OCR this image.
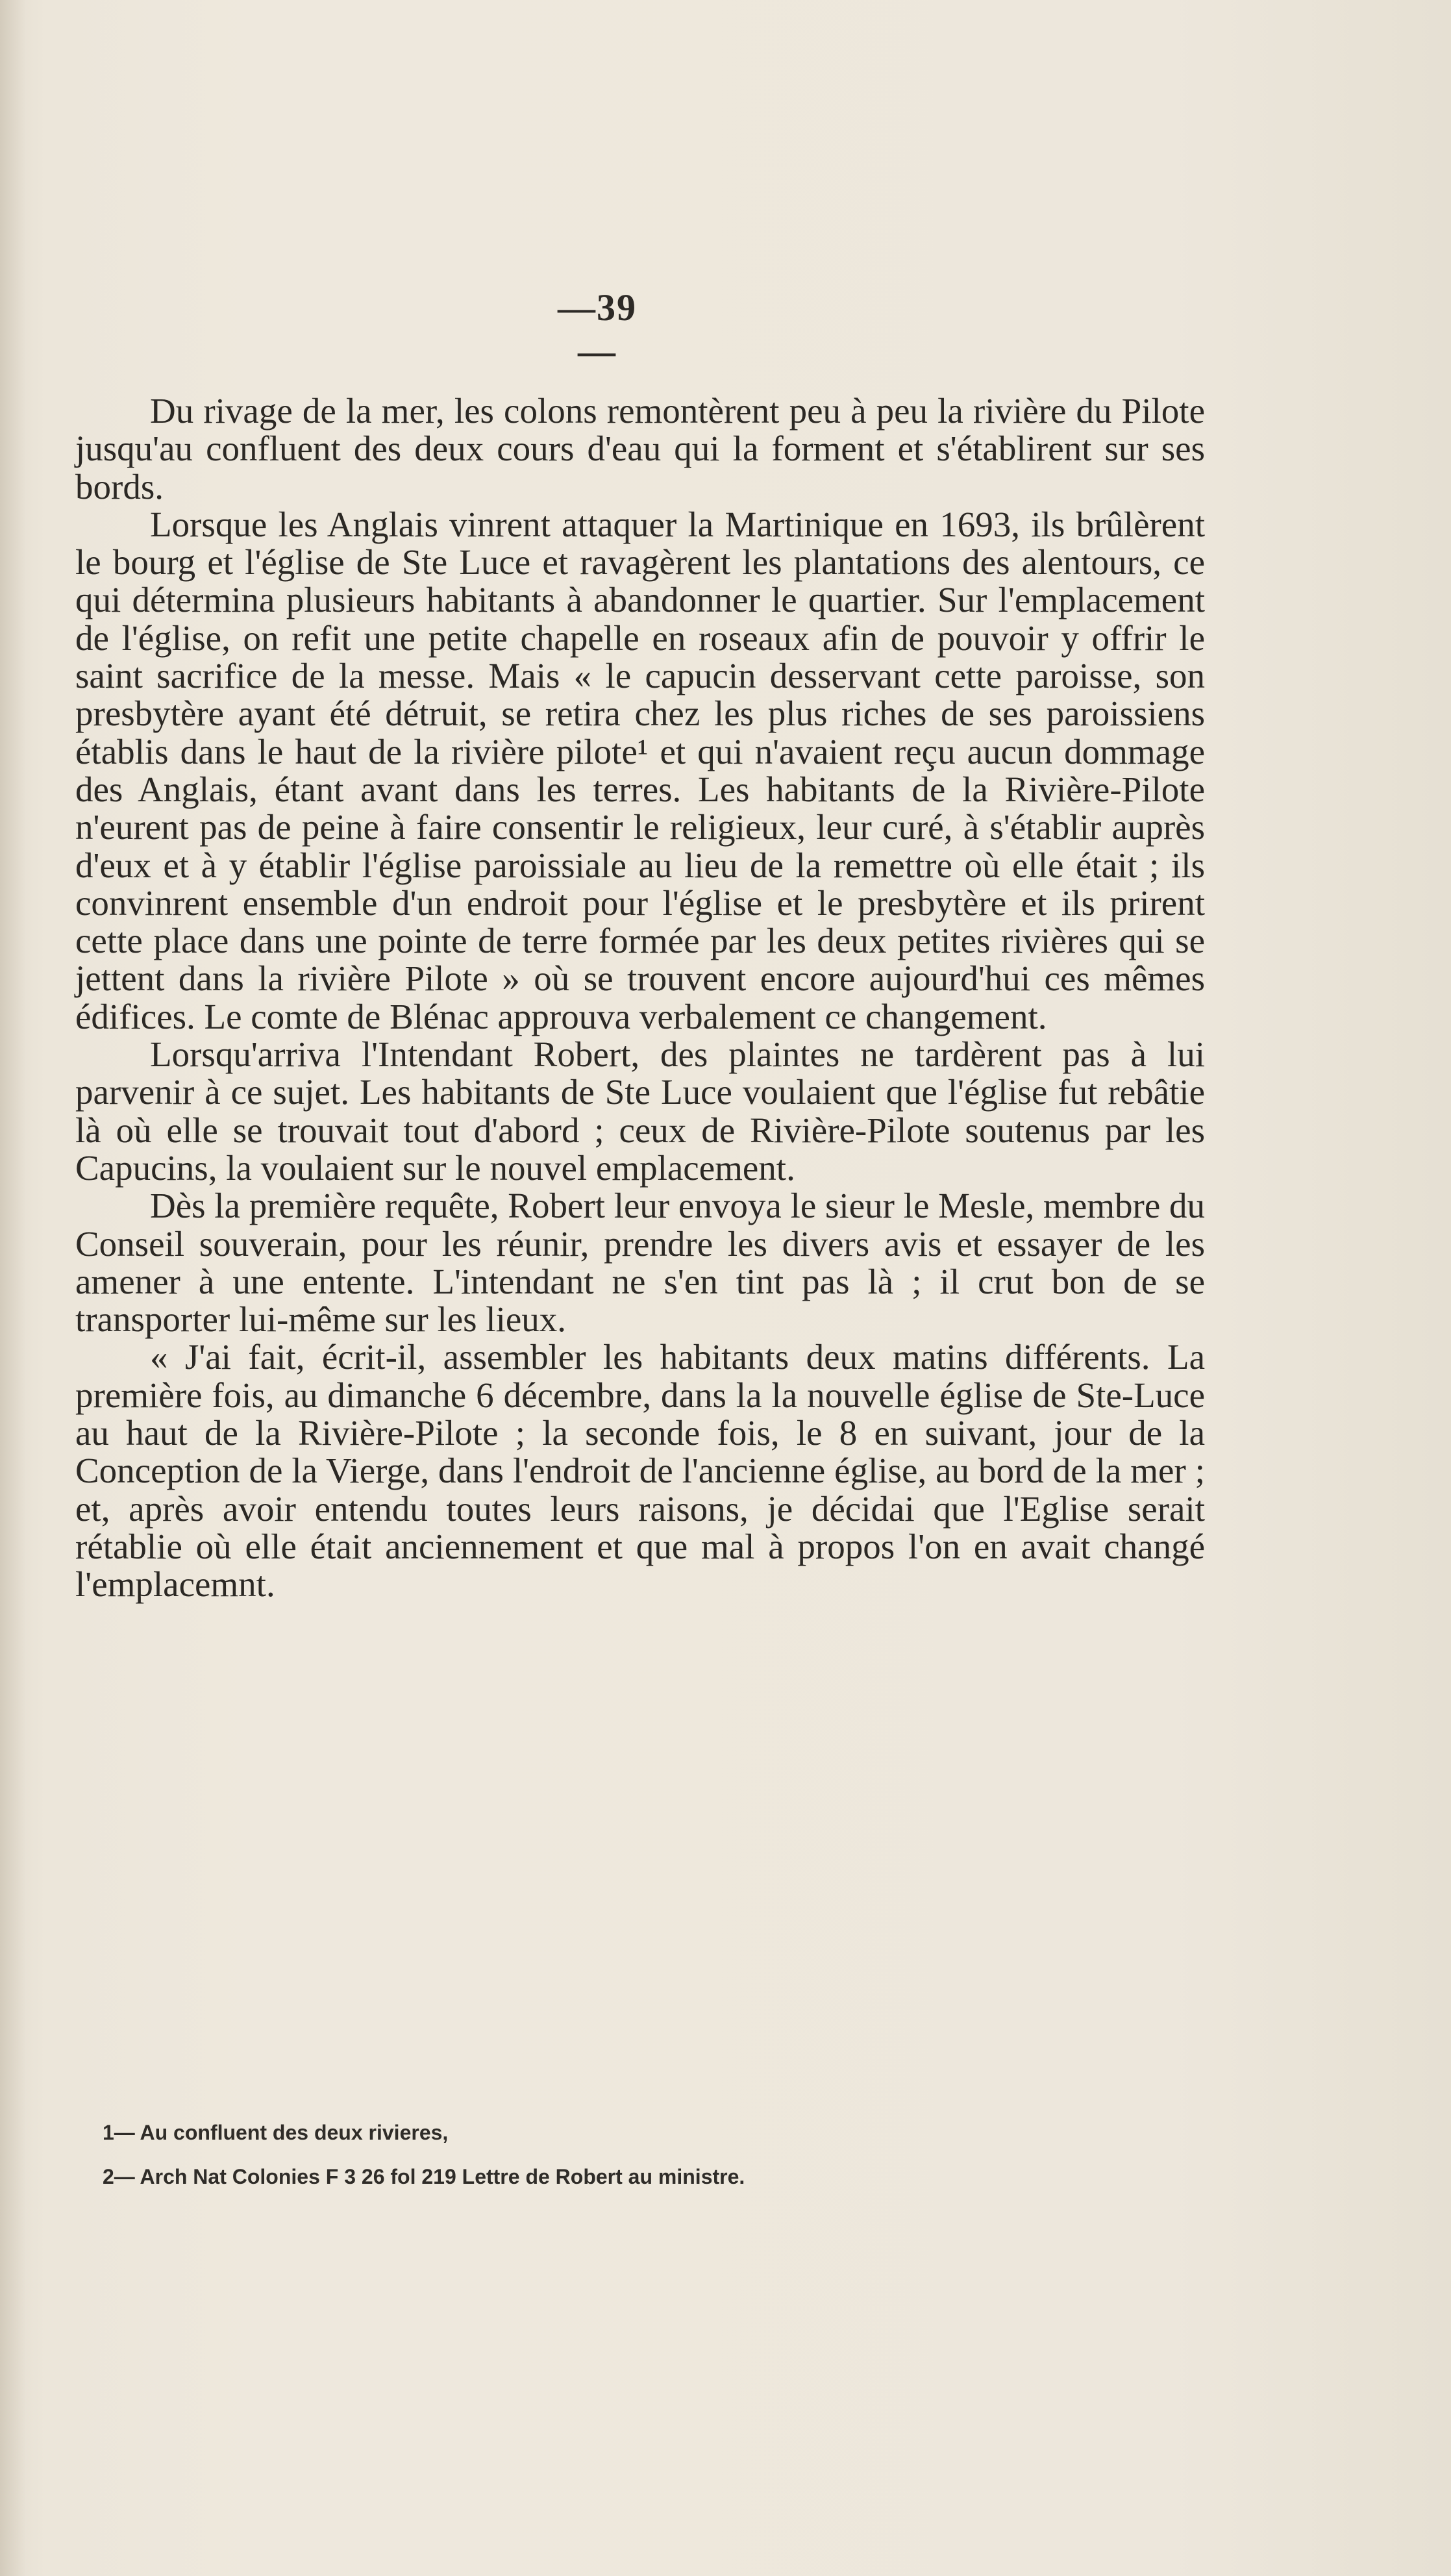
—39—

Du rivage de la mer, les colons remontèrent peu à peu la rivière du Pilote jusqu'au confluent des deux cours d'eau qui la forment et s'établirent sur ses bords.

Lorsque les Anglais vinrent attaquer la Martinique en 1693, ils brûlèrent le bourg et l'église de Ste Luce et ravagèrent les plantations des alentours, ce qui détermina plusieurs habitants à abandonner le quartier. Sur l'emplacement de l'église, on refit une petite chapelle en roseaux afin de pouvoir y offrir le saint sacrifice de la messe. Mais « le capucin desservant cette paroisse, son presbytère ayant été détruit, se retira chez les plus riches de ses paroissiens établis dans le haut de la rivière pilote¹ et qui n'avaient reçu aucun dommage des Anglais, étant avant dans les terres. Les habitants de la Rivière-Pilote n'eurent pas de peine à faire consentir le religieux, leur curé, à s'établir auprès d'eux et à y établir l'église paroissiale au lieu de la remettre où elle était ; ils convinrent ensemble d'un endroit pour l'église et le presbytère et ils prirent cette place dans une pointe de terre formée par les deux petites rivières qui se jettent dans la rivière Pilote » où se trouvent encore aujourd'hui ces mêmes édifices. Le comte de Blénac approuva verbalement ce changement.

Lorsqu'arriva l'Intendant Robert, des plaintes ne tardèrent pas à lui parvenir à ce sujet. Les habitants de Ste Luce voulaient que l'église fut rebâtie là où elle se trouvait tout d'abord ; ceux de Rivière-Pilote soutenus par les Capucins, la voulaient sur le nouvel emplacement.

Dès la première requête, Robert leur envoya le sieur le Mesle, membre du Conseil souverain, pour les réunir, prendre les divers avis et essayer de les amener à une entente. L'intendant ne s'en tint pas là ; il crut bon de se transporter lui-même sur les lieux.

« J'ai fait, écrit-il, assembler les habitants deux matins différents. La première fois, au dimanche 6 décembre, dans la la nouvelle église de Ste-Luce au haut de la Rivière-Pilote ; la seconde fois, le 8 en suivant, jour de la Conception de la Vierge, dans l'endroit de l'ancienne église, au bord de la mer ; et, après avoir entendu toutes leurs raisons, je décidai que l'Eglise serait rétablie où elle était anciennement et que mal à propos l'on en avait changé l'emplacemnt.

1— Au confluent des deux rivieres,

2— Arch Nat Colonies F 3 26 fol 219 Lettre de Robert au ministre.
